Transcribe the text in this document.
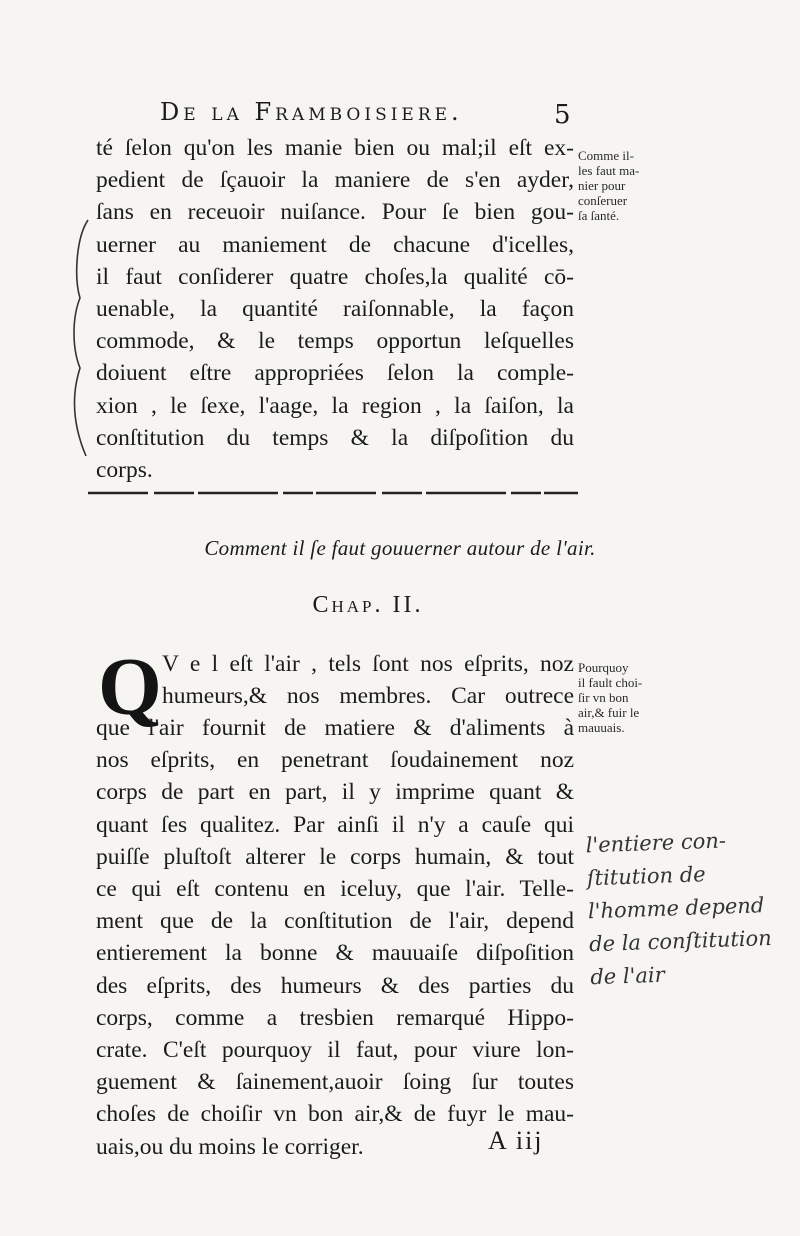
De la Framboisiere.	5
té ſelon qu'on les manie bien ou mal;il eſt ex-
pedient de ſçauoir la maniere de s'en ayder,
ſans en receuoir nuiſance. Pour ſe bien gou-
uerner au maniement de chacune d'icelles,
il faut conſiderer quatre choſes,la qualité cō-
uenable, la quantité raiſonnable, la façon
commode, & le temps opportun leſquelles
doiuent eſtre appropriées ſelon la comple-
xion , le ſexe, l'aage, la region , la ſaiſon, la
conſtitution du temps & la diſpoſition du
corps.
Comme il-
les faut ma-
nier pour
conſeruer
ſa ſanté.
Comment il ſe faut gouuerner autour de l'air.
Chap. II.
Q V e l eſt l'air , tels ſont nos eſprits, noz
humeurs,& nos membres. Car outrece
que l'air fournit de matiere & d'aliments à
nos eſprits, en penetrant ſoudainement noz
corps de part en part, il y imprime quant &
quant ſes qualitez. Par ainſi il n'y a cauſe qui
puiſſe pluſtoſt alterer le corps humain, & tout
ce qui eſt contenu en iceluy, que l'air. Telle-
ment que de la conſtitution de l'air, depend
entierement la bonne & mauuaiſe diſpoſition
des eſprits, des humeurs & des parties du
corps, comme a tresbien remarqué Hippo-
crate. C'eſt pourquoy il faut, pour viure lon-
guement & ſainement,auoir ſoing ſur toutes
choſes de choiſir vn bon air,& de fuyr le mau-
uais,ou du moins le corriger.
Pourquoy
il fault choi-
ſir vn bon
air,& fuir le
mauuais.
l'entiere con-
ſtitution de
l'homme depend
de la conſtitution
de l'air
A iij
